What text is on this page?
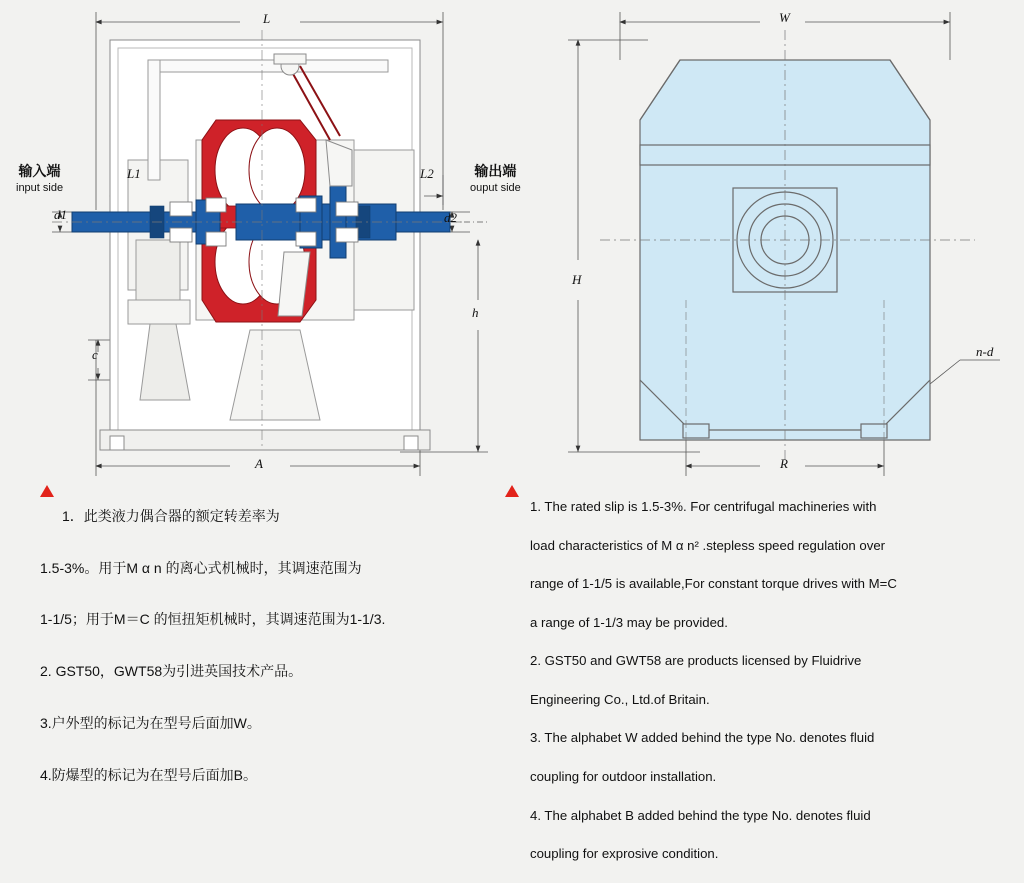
L
L1	L2
d1	d2
A
h
c
W
H
R
n-d
输入端
input side
输出端
ouput side

1．此类液力偶合器的额定转差率为

1.5-3%。用于M α n 的离心式机械时，其调速范围为

1-1/5；用于M＝C 的恒扭矩机械时，其调速范围为1-1/3.

2. GST50，GWT58为引进英国技术产品。

3.户外型的标记为在型号后面加W。

4.防爆型的标记为在型号后面加B。

1. The rated slip is 1.5-3%. For centrifugal machineries with

load characteristics of M α n² .stepless speed regulation over

range of 1-1/5 is available,For constant torque drives with M=C

a range of 1-1/3 may be provided.

2. GST50 and GWT58 are products licensed by Fluidrive

Engineering Co., Ltd.of Britain.

3. The alphabet W added behind the type No. denotes fluid

coupling for outdoor installation.

4. The alphabet B added behind the type No. denotes fluid

coupling for exprosive condition.
